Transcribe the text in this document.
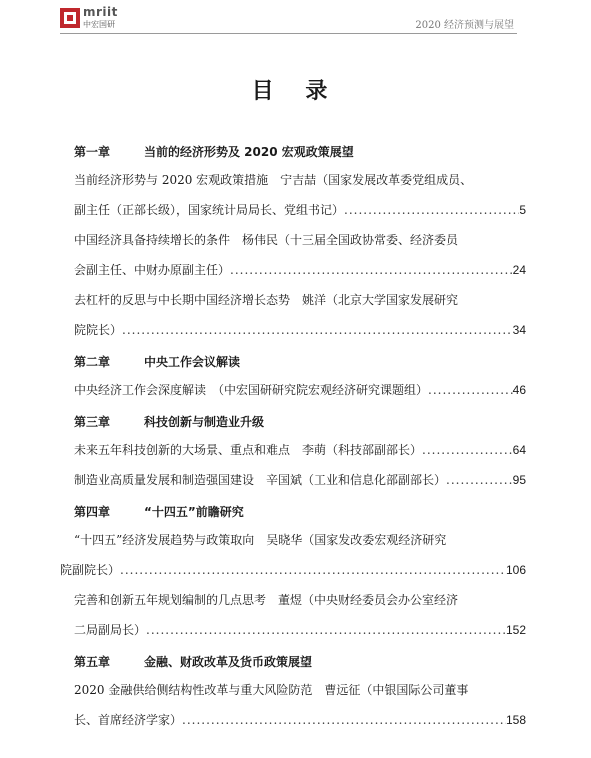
mriit
中宏国研	2020 经济预测与展望
目 录
第一章	当前的经济形势及 2020 宏观政策展望
当前经济形势与 2020 宏观政策措施　宁吉喆（国家发展改革委党组成员、
副主任（正部长级），国家统计局局长、党组书记） .....	5
中国经济具备持续增长的条件　杨伟民（十三届全国政协常委、经济委员
会副主任、中财办原副主任） .....	24
去杠杆的反思与中长期中国经济增长态势　姚洋（北京大学国家发展研究
院院长） .....	34
第二章	中央工作会议解读
中央经济工作会深度解读　（中宏国研研究院宏观经济研究课题组） .....	46
第三章	科技创新与制造业升级
未来五年科技创新的大场景、重点和难点　李萌（科技部副部长） .....	64
制造业高质量发展和制造强国建设　辛国斌（工业和信息化部副部长） .....	95
第四章	“十四五”前瞻研究
“十四五”经济发展趋势与政策取向　吴晓华（国家发改委宏观经济研究
院副院长） .....	106
完善和创新五年规划编制的几点思考　董煜（中央财经委员会办公室经济
二局副局长） .....	152
第五章	金融、财政改革及货币政策展望
2020 金融供给侧结构性改革与重大风险防范　曹远征（中银国际公司董事
长、首席经济学家） .....	158
